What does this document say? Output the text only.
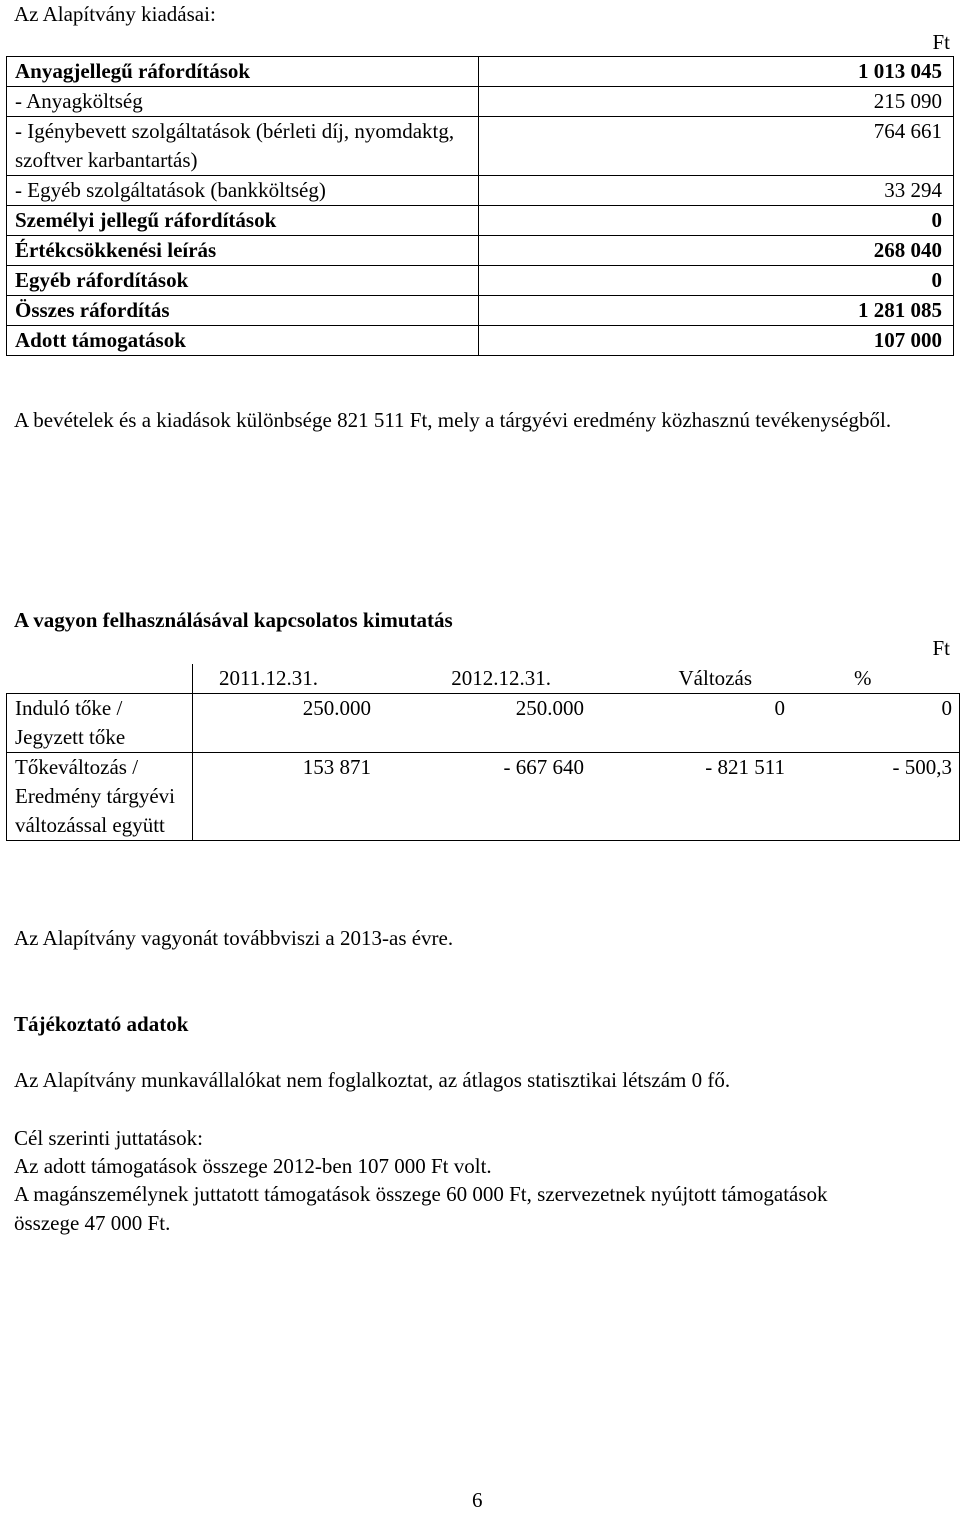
Az Alapítvány kiadásai:

Ft

Anyagjellegű ráfordítások	1 013 045
- Anyagköltség	215 090
- Igénybevett szolgáltatások (bérleti díj, nyomdaktg, szoftver karbantartás)	764 661
- Egyéb szolgáltatások (bankköltség)	33 294
Személyi jellegű ráfordítások	0
Értékcsökkenési leírás	268 040
Egyéb ráfordítások	0
Összes ráfordítás	1 281 085
Adott támogatások	107 000

A bevételek és a kiadások különbsége 821 511 Ft, mely a tárgyévi eredmény közhasznú tevékenységből.

A vagyon felhasználásával kapcsolatos kimutatás

Ft

	2011.12.31.	2012.12.31.	Változás	%
Induló tőke / Jegyzett tőke	250.000	250.000	0	0
Tőkeváltozás / Eredmény tárgyévi változással együtt	153 871	- 667 640	- 821 511	- 500,3

Az Alapítvány vagyonát továbbviszi a 2013-as évre.

Tájékoztató adatok

Az Alapítvány munkavállalókat nem foglalkoztat, az átlagos statisztikai létszám 0 fő.

Cél szerinti juttatások:

Az adott támogatások összege 2012-ben 107 000 Ft volt.

A magánszemélynek juttatott támogatások összege 60 000 Ft, szervezetnek nyújtott támogatások összege 47 000 Ft.

6
